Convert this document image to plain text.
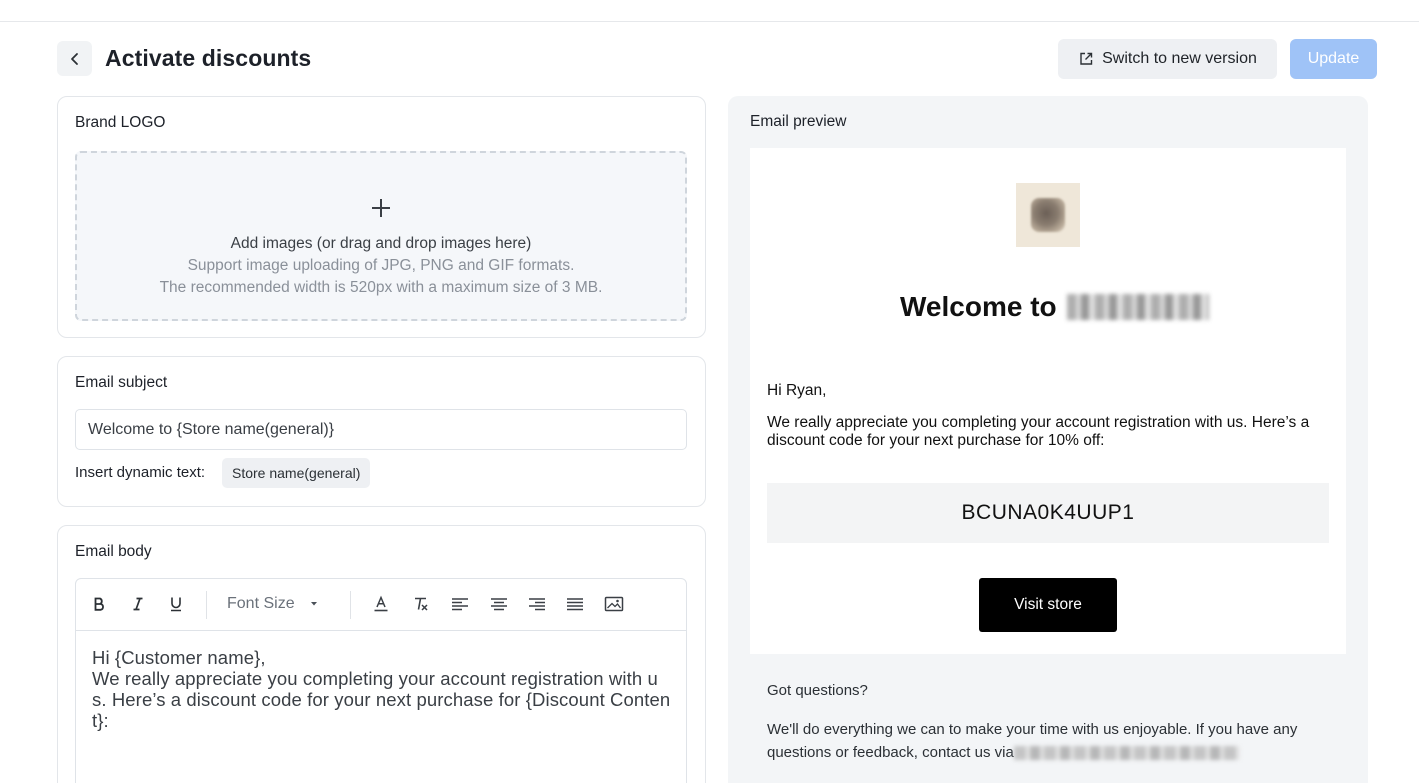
Activate discounts	Switch to new version	Update
Brand LOGO
Add images (or drag and drop images here)
Support image uploading of JPG, PNG and GIF formats.
The recommended width is 520px with a maximum size of 3 MB.
Email subject
Welcome to {Store name(general)}
Insert dynamic text:	Store name(general)
Email body
Font Size
Hi {Customer name},
We really appreciate you completing your account registration with us. Here’s a discount code for your next purchase for {Discount Content}:
Email preview
Welcome to
Hi Ryan,
We really appreciate you completing your account registration with us. Here’s a discount code for your next purchase for 10% off:
BCUNA0K4UUP1
Visit store
Got questions?
We'll do everything we can to make your time with us enjoyable. If you have any questions or feedback, contact us via
